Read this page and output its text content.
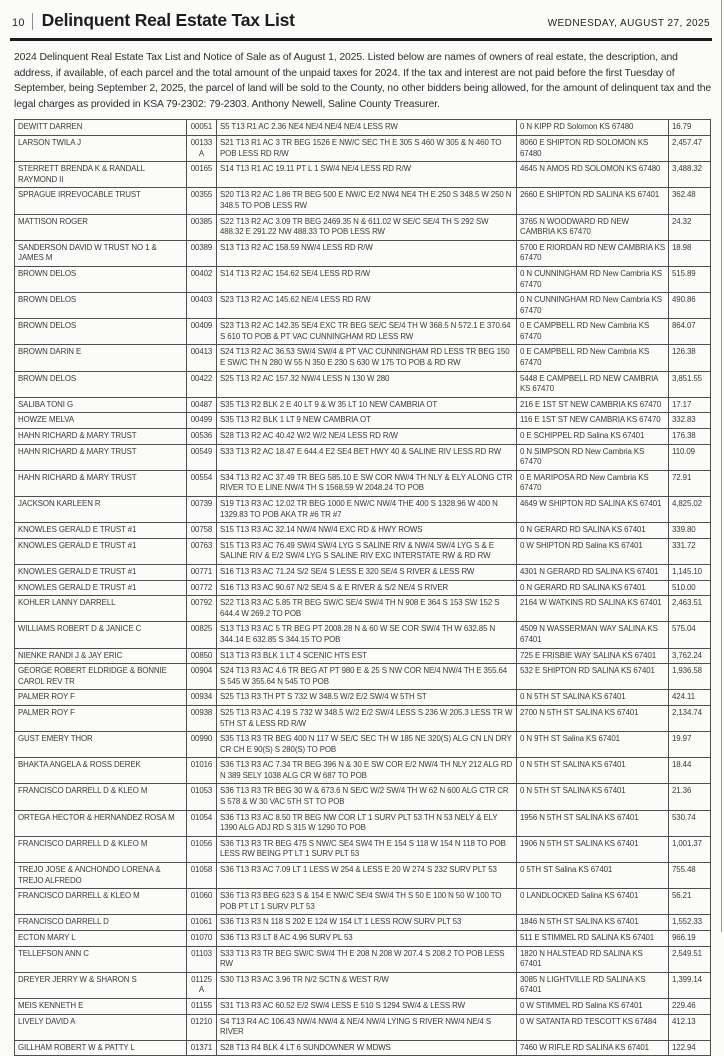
10 Delinquent Real Estate Tax List	WEDNESDAY, AUGUST 27, 2025

2024 Delinquent Real Estate Tax List and Notice of Sale as of August 1, 2025. Listed below are names of owners of real estate, the description, and address, if available, of each parcel and the total amount of the unpaid taxes for 2024. If the tax and interest are not paid before the first Tuesday of September, being September 2, 2025, the parcel of land will be sold to the County, no other bidders being allowed, for the amount of delinquent tax and the legal charges as provided in KSA 79-2302: 79-2303. Anthony Newell, Saline County Treasurer.

DEWITT DARREN	00051	S5 T13 R1 AC 2.36 NE4 NE/4 NE/4 NE/4 LESS RW	0 N KIPP RD Solomon KS 67480	16.79
LARSON TWILA J	00133A	S21 T13 R1 AC 3 TR BEG 1526 E NW/C SEC TH E 305 S 460 W 305 & N 460 TO POB LESS RD R/W	8060 E SHIPTON RD SOLOMON KS 67480	2,457.47
STERRETT BRENDA K & RANDALL RAYMOND II	00165	S14 T13 R1 AC 19.11 PT L 1 SW/4 NE/4 LESS RD R/W	4645 N AMOS RD SOLOMON KS 67480	3,488.32
SPRAGUE IRREVOCABLE TRUST	00355	S20 T13 R2 AC 1.86 TR BEG 500 E NW/C E/2 NW4 NE4 TH E 250 S 348.5 W 250 N 348.5 TO POB LESS RW	2660 E SHIPTON RD SALINA KS 67401	362.48
MATTISON ROGER	00385	S22 T13 R2 AC 3.09 TR BEG 2469.35 N & 611.02 W SE/C SE/4 TH S 292 SW 488.32 E 291.22 NW 488.33 TO POB LESS RW	3765 N WOODWARD RD NEW CAMBRIA KS 67470	24.32
SANDERSON DAVID W TRUST NO 1 & JAMES M	00389	S13 T13 R2 AC 158.59 NW/4 LESS RD R/W	5700 E RIORDAN RD NEW CAMBRIA KS 67470	18.98
BROWN DELOS	00402	S14 T13 R2 AC 154.62 SE/4 LESS RD R/W	0 N CUNNINGHAM RD New Cambria KS 67470	515.89
BROWN DELOS	00403	S23 T13 R2 AC 145.62 NE/4 LESS RD R/W	0 N CUNNINGHAM RD New Cambria KS 67470	490.86
BROWN DELOS	00409	S23 T13 R2 AC 142.35 SE/4 EXC TR BEG SE/C SE/4 TH W 368.5 N 572.1 E 370.64 S 610 TO POB & PT VAC CUNNINGHAM RD LESS RW	0 E CAMPBELL RD New Cambria KS 67470	864.07
BROWN DARIN E	00413	S24 T13 R2 AC 36.53 SW/4 SW/4 & PT VAC CUNNINGHAM RD LESS TR BEG 150 E SW/C TH N 280 W 55 N 350 E 230 S 630 W 175 TO POB & RD RW	0 E CAMPBELL RD New Cambria KS 67470	126.38
BROWN DELOS	00422	S25 T13 R2 AC 157.32 NW/4 LESS N 130 W 280	5448 E CAMPBELL RD NEW CAMBRIA KS 67470	3,851.55
SALIBA TONI G	00487	S35 T13 R2 BLK 2 E 40 LT 9 & W 35 LT 10 NEW CAMBRIA OT	216 E 1ST ST NEW CAMBRIA KS 67470	17.17
HOWZE MELVA	00499	S35 T13 R2 BLK 1 LT 9 NEW CAMBRIA OT	116 E 1ST ST NEW CAMBRIA KS 67470	332.83
HAHN RICHARD & MARY TRUST	00536	S28 T13 R2 AC 40.42 W/2 W/2 NE/4 LESS RD R/W	0 E SCHIPPEL RD Salina KS 67401	176.38
HAHN RICHARD & MARY TRUST	00549	S33 T13 R2 AC 18.47 E 644.4 E2 SE4 BET HWY 40 & SALINE RIV LESS RD RW	0 N SIMPSON RD New Cambria KS 67470	110.09
HAHN RICHARD & MARY TRUST	00554	S34 T13 R2 AC 37.49 TR BEG 585.10 E SW COR NW/4 TH NLY & ELY ALONG CTR RIVER TO E LINE NW/4 TH S 1568.59 W 2048.24 TO POB	0 E MARIPOSA RD New Cambria KS 67470	72.91
JACKSON KARLEEN R	00739	S19 T13 R3 AC 12.02 TR BEG 1000 E NW/C NW/4 THE 400 S 1328.96 W 400 N 1329.83 TO POB AKA TR #6 TR #7	4649 W SHIPTON RD SALINA KS 67401	4,825.02
KNOWLES GERALD E TRUST #1	00758	S15 T13 R3 AC 32.14 NW/4 NW/4 EXC RD & HWY ROWS	0 N GERARD RD SALINA KS 67401	339.80
KNOWLES GERALD E TRUST #1	00763	S15 T13 R3 AC 76.49 SW/4 SW/4 LYG S SALINE RIV & NW/4 SW/4 LYG S & E SALINE RIV & E/2 SW/4 LYG S SALINE RIV EXC INTERSTATE RW & RD RW	0 W SHIPTON RD Salina KS 67401	331.72
KNOWLES GERALD E TRUST #1	00771	S16 T13 R3 AC 71.24 S/2 SE/4 S LESS E 320 SE/4 S RIVER & LESS RW	4301 N GERARD RD SALINA KS 67401	1,145.10
KNOWLES GERALD E TRUST #1	00772	S16 T13 R3 AC 90.67 N/2 SE/4 S & E RIVER & S/2 NE/4 S RIVER	0 N GERARD RD SALINA KS 67401	510.00
KOHLER LANNY DARRELL	00792	S22 T13 R3 AC 5.85 TR BEG SW/C SE/4 SW/4 TH N 908 E 364 S 153 SW 152 S 644.4 W 269.2 TO POB	2164 W WATKINS RD SALINA KS 67401	2,463.51
WILLIAMS ROBERT D & JANICE C	00825	S13 T13 R3 AC 5 TR BEG PT 2008.28 N & 60 W SE COR SW/4 TH W 632.85 N 344.14 E 632.85 S 344.15 TO POB	4509 N WASSERMAN WAY SALINA KS 67401	575.04
NIENKE RANDI J & JAY ERIC	00850	S13 T13 R3 BLK 1 LT 4 SCENIC HTS EST	725 E FRISBIE WAY SALINA KS 67401	3,762.24
GEORGE ROBERT ELDRIDGE & BONNIE CAROL REV TR	00904	S24 T13 R3 AC 4.6 TR BEG AT PT 980 E & 25 S NW COR NE/4 NW/4 TH E 355.64 S 545 W 355.64 N 545 TO POB	532 E SHIPTON RD SALINA KS 67401	1,936.58
PALMER ROY F	00934	S25 T13 R3 TH PT S 732 W 348.5 W/2 E/2 SW/4 W 5TH ST	0 N 5TH ST SALINA KS 67401	424.11
PALMER ROY F	00938	S25 T13 R3 AC 4.19 S 732 W 348.5 W/2 E/2 SW/4 LESS S 236 W 205.3 LESS TR W 5TH ST & LESS RD R/W	2700 N 5TH ST SALINA KS 67401	2,134.74
GUST EMERY THOR	00990	S35 T13 R3 TR BEG 400 N 117 W SE/C SEC TH W 185 NE 320(S) ALG CN LN DRY CR CH E 90(S) S 280(S) TO POB	0 N 9TH ST Salina KS 67401	19.97
BHAKTA ANGELA & ROSS DEREK	01016	S36 T13 R3 AC 7.34 TR BEG 396 N & 30 E SW COR E/2 NW/4 TH NLY 212 ALG RD N 389 SELY 1038 ALG CR W 687 TO POB	0 N 5TH ST SALINA KS 67401	18.44
FRANCISCO DARRELL D & KLEO M	01053	S36 T13 R3 TR BEG 30 W & 673.6 N SE/C W/2 SW/4 TH W 62 N 600 ALG CTR CR S 578 & W 30 VAC 5TH ST TO POB	0 N 5TH ST SALINA KS 67401	21.36
ORTEGA HECTOR & HERNANDEZ ROSA M	01054	S36 T13 R3 AC 8.50 TR BEG NW COR LT 1 SURV PLT 53 TH N 53 NELY & ELY 1390 ALG ADJ RD S 315 W 1290 TO POB	1956 N 5TH ST SALINA KS 67401	530.74
FRANCISCO DARRELL D & KLEO M	01056	S36 T13 R3 TR BEG 475 S NW/C SE4 SW4 TH E 154 S 118 W 154 N 118 TO POB LESS RW BEING PT LT 1 SURV PLT 53	1906 N 5TH ST SALINA KS 67401	1,001.37
TREJO JOSE & ANCHONDO LORENA & TREJO ALFREDO	01058	S36 T13 R3 AC 7.09 LT 1 LESS W 254 & LESS E 20 W 274 S 232 SURV PLT 53	0 5TH ST Salina KS 67401	755.48
FRANCISCO DARRELL & KLEO M	01060	S36 T13 R3 BEG 623 S & 154 E NW/C SE/4 SW/4 TH S 50 E 100 N 50 W 100 TO POB PT LT 1 SURV PLT 53	0 LANDLOCKED Salina KS 67401	56.21
FRANCISCO DARRELL D	01061	S36 T13 R3 N 118 S 202 E 124 W 154 LT 1 LESS ROW SURV PLT 53	1846 N 5TH ST SALINA KS 67401	1,552.33
ECTON MARY L	01070	S36 T13 R3 LT 8 AC 4.96 SURV PL 53	511 E STIMMEL RD SALINA KS 67401	966.19
TELLEFSON ANN C	01103	S33 T13 R3 TR BEG SW/C SW/4 TH E 208 N 208 W 207.4 S 208.2 TO POB LESS RW	1820 N HALSTEAD RD SALINA KS 67401	2,549.51
DREYER JERRY W & SHARON S	01125A	S30 T13 R3 AC 3.96 TR N/2 SCTN & WEST R/W	3085 N LIGHTVILLE RD SALINA KS 67401	1,399.14
MEIS KENNETH E	01155	S31 T13 R3 AC 60.52 E/2 SW/4 LESS E 510 S 1294 SW/4 & LESS RW	0 W STIMMEL RD Salina KS 67401	229.46
LIVELY DAVID A	01210	S4 T13 R4 AC 106.43 NW/4 NW/4 & NE/4 NW/4 LYING S RIVER NW/4 NE/4 S RIVER	0 W SATANTA RD TESCOTT KS 67484	412.13
GILLHAM ROBERT W & PATTY L	01371	S28 T13 R4 BLK 4 LT 6 SUNDOWNER W MDWS	7460 W RIFLE RD SALINA KS 67401	122.94
